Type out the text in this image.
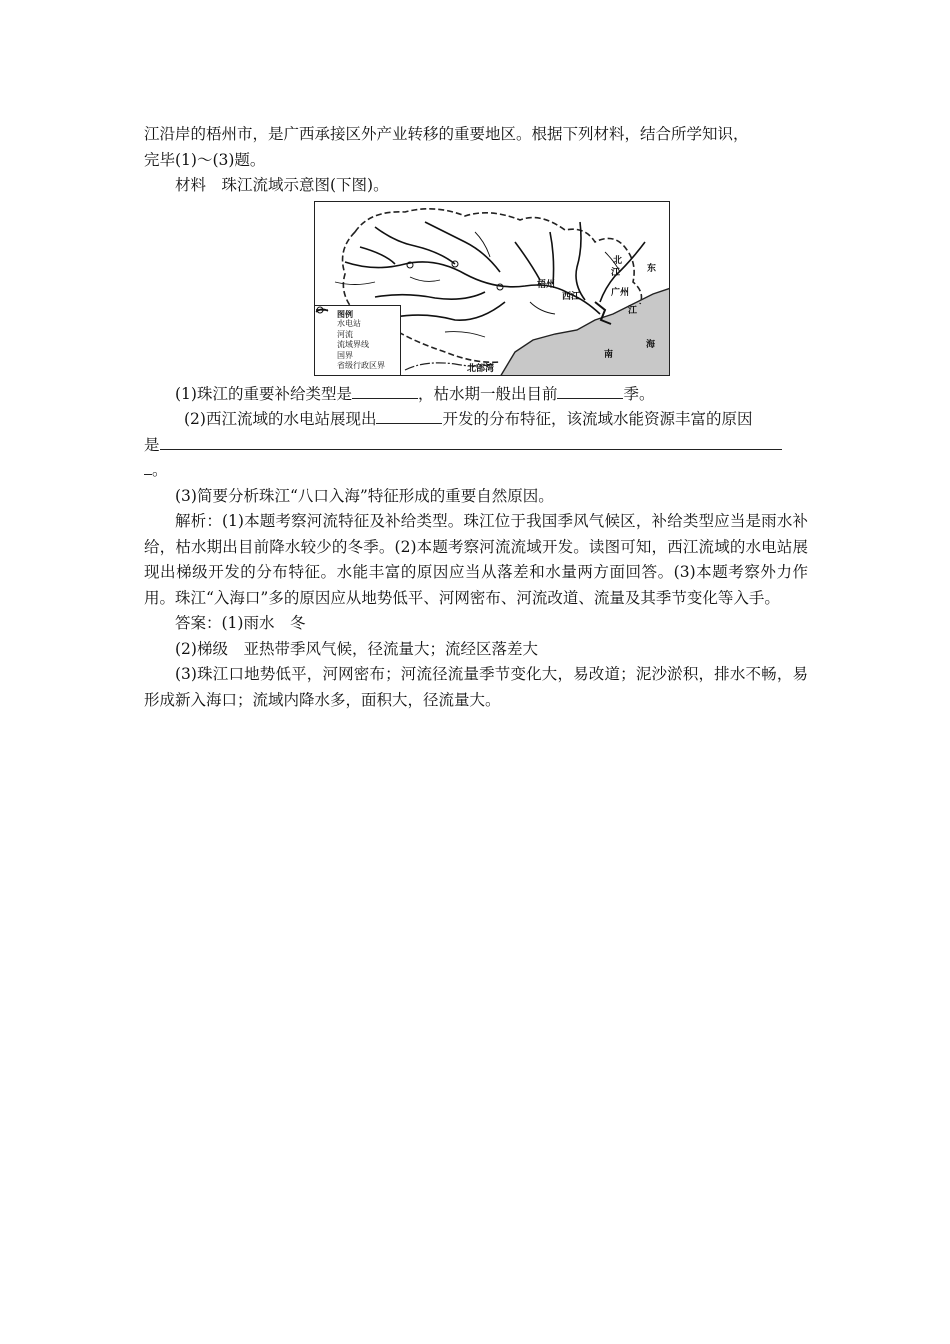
江沿岸的梧州市，是广西承接区外产业转移的重要地区。根据下列材料，结合所学知识，

完毕(1)～(3)题。

材料　珠江流域示意图(下图)。

图例
水电站
河流
流域界线
国界
省级行政区界
梧州
西江
北
东
江
江
广州
南
海
北部湾

(1)珠江的重要补给类型是	，枯水期一般出目前	季。

(2)西江流域的水电站展现出	开发的分布特征，该流域水能资源丰富的原因

是

。

(3)简要分析珠江“八口入海”特征形成的重要自然原因。

解析：(1)本题考察河流特征及补给类型。珠江位于我国季风气候区，补给类型应当是雨水补给，枯水期出目前降水较少的冬季。(2)本题考察河流流域开发。读图可知，西江流域的水电站展现出梯级开发的分布特征。水能丰富的原因应当从落差和水量两方面回答。(3)本题考察外力作用。珠江“入海口”多的原因应从地势低平、河网密布、河流改道、流量及其季节变化等入手。

答案：(1)雨水　冬

(2)梯级　亚热带季风气候，径流量大；流经区落差大

(3)珠江口地势低平，河网密布；河流径流量季节变化大，易改道；泥沙淤积，排水不畅，易形成新入海口；流域内降水多，面积大，径流量大。
